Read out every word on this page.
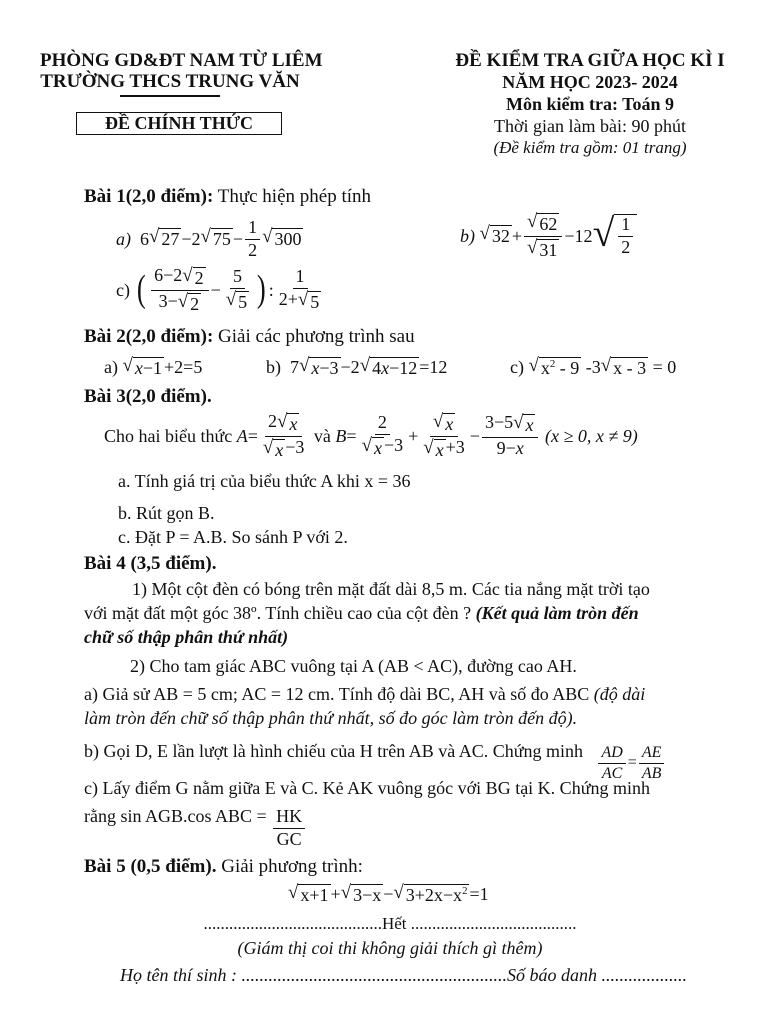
PHÒNG GD&ĐT NAM TỪ LIÊM
TRƯỜNG THCS TRUNG VĂN
ĐỀ CHÍNH THỨC
ĐỀ KIỂM TRA GIỮA HỌC KÌ I
NĂM HỌC 2023- 2024
Môn kiểm tra: Toán 9
Thời gian làm bài: 90 phút
(Đề kiểm tra gồm: 01 trang)
Bài 1(2,0 điểm): Thực hiện phép tính
a) 6 √ 27 −2 √ $75 - \frac{1}{2}$ √ 300	b)
√ $32 + \frac{√ 62}{√ 31} -12$ √ $\frac{1}{2}$
c)
( $\frac{6-2 √ 2}{3- √ 2} - \frac{5}{√ 5}$ ) : $\frac{1}{2+ √ 5}$
Bài 2(2,0 điểm): Giải các phương trình sau
a)
√ x−1 +2=5	b) 7 √ x−3 −2 √ 4x−12 =12	c)
√ $x^2 - 9$ -3 √ x - 3 = 0
Bài 3(2,0 điểm).
Cho hai biểu thức
$A = \frac{2 √ x}{√ x -3}$
và
$B = \frac{2}{√ x -3} + \frac{√ x}{√ x +3} - \frac{3-5 √ x}{9-x}$
(x ≥ 0, x ≠ 9)
a. Tính giá trị của biểu thức A khi x = 36
b. Rút gọn B.
c. Đặt P = A.B. So sánh P với 2.
Bài 4 (3,5 điểm).
1) Một cột đèn có bóng trên mặt đất dài 8,5 m. Các tia nắng mặt trời tạo
với mặt đất một góc 38º. Tính chiều cao của cột đèn ? (Kết quả làm tròn đến
chữ số thập phân thứ nhất)
2) Cho tam giác ABC vuông tại A (AB < AC), đường cao AH.
a) Giả sử AB = 5 cm; AC = 12 cm. Tính độ dài BC, AH và số đo ABC (độ dài
làm tròn đến chữ số thập phân thứ nhất, số đo góc làm tròn đến độ).
b) Gọi D, E lần lượt là hình chiếu của H trên AB và AC. Chứng minh $\frac{AD}{AC} = \frac{AE}{AB}$
c) Lấy điểm G nằm giữa E và C. Kẻ AK vuông góc với BG tại K. Chứng minh
rằng sin AGB.cos ABC = $\frac{HK}{GC}$
Bài 5 (0,5 điểm). Giải phương trình:
√ x+1 + √ 3−x − √ $3+2x-x^2 =1$
..........................................Hết .......................................
(Giám thị coi thi không giải thích gì thêm)
Họ tên thí sinh : ...........................................................Số báo danh ...................
